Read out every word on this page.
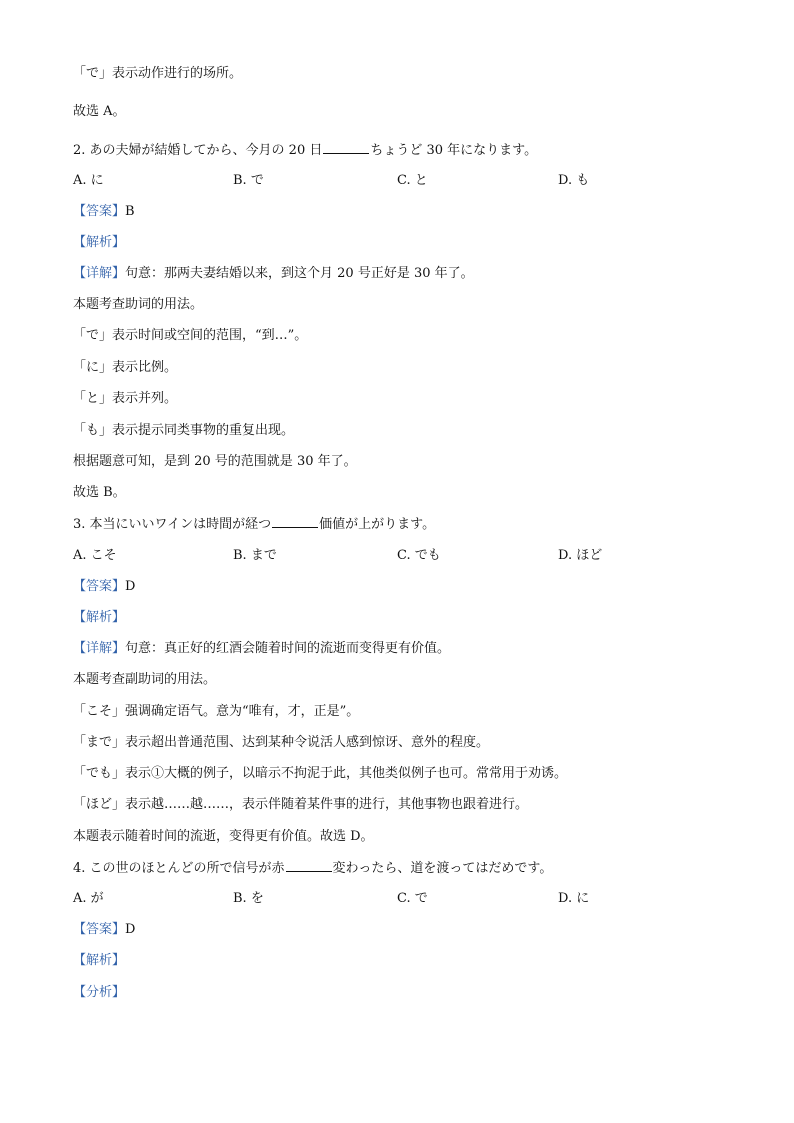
「で」表示动作进行的场所。
故选 A。
2. あの夫婦が結婚してから、今月の 20 日	ちょうど 30 年になります。
A. に	B. で	C. と	D. も
【答案】B
【解析】
【详解】句意：那两夫妻结婚以来，到这个月 20 号正好是 30 年了。
本题考查助词的用法。
「で」表示时间或空间的范围，“到…”。
「に」表示比例。
「と」表示并列。
「も」表示提示同类事物的重复出现。
根据题意可知，是到 20 号的范围就是 30 年了。
故选 B。
3. 本当にいいワインは時間が経つ	価値が上がります。
A. こそ	B. まで	C. でも	D. ほど
【答案】D
【解析】
【详解】句意：真正好的红酒会随着时间的流逝而变得更有价值。
本题考查副助词的用法。
「こそ」强调确定语气。意为“唯有，才，正是”。
「まで」表示超出普通范围、达到某种令说活人感到惊讶、意外的程度。
「でも」表示①大概的例子，以暗示不拘泥于此，其他类似例子也可。常常用于劝诱。
「ほど」表示越……越……，表示伴随着某件事的进行，其他事物也跟着进行。
本题表示随着时间的流逝，变得更有价值。故选 D。
4. この世のほとんどの所で信号が赤	変わったら、道を渡ってはだめです。
A. が	B. を	C. で	D. に
【答案】D
【解析】
【分析】
